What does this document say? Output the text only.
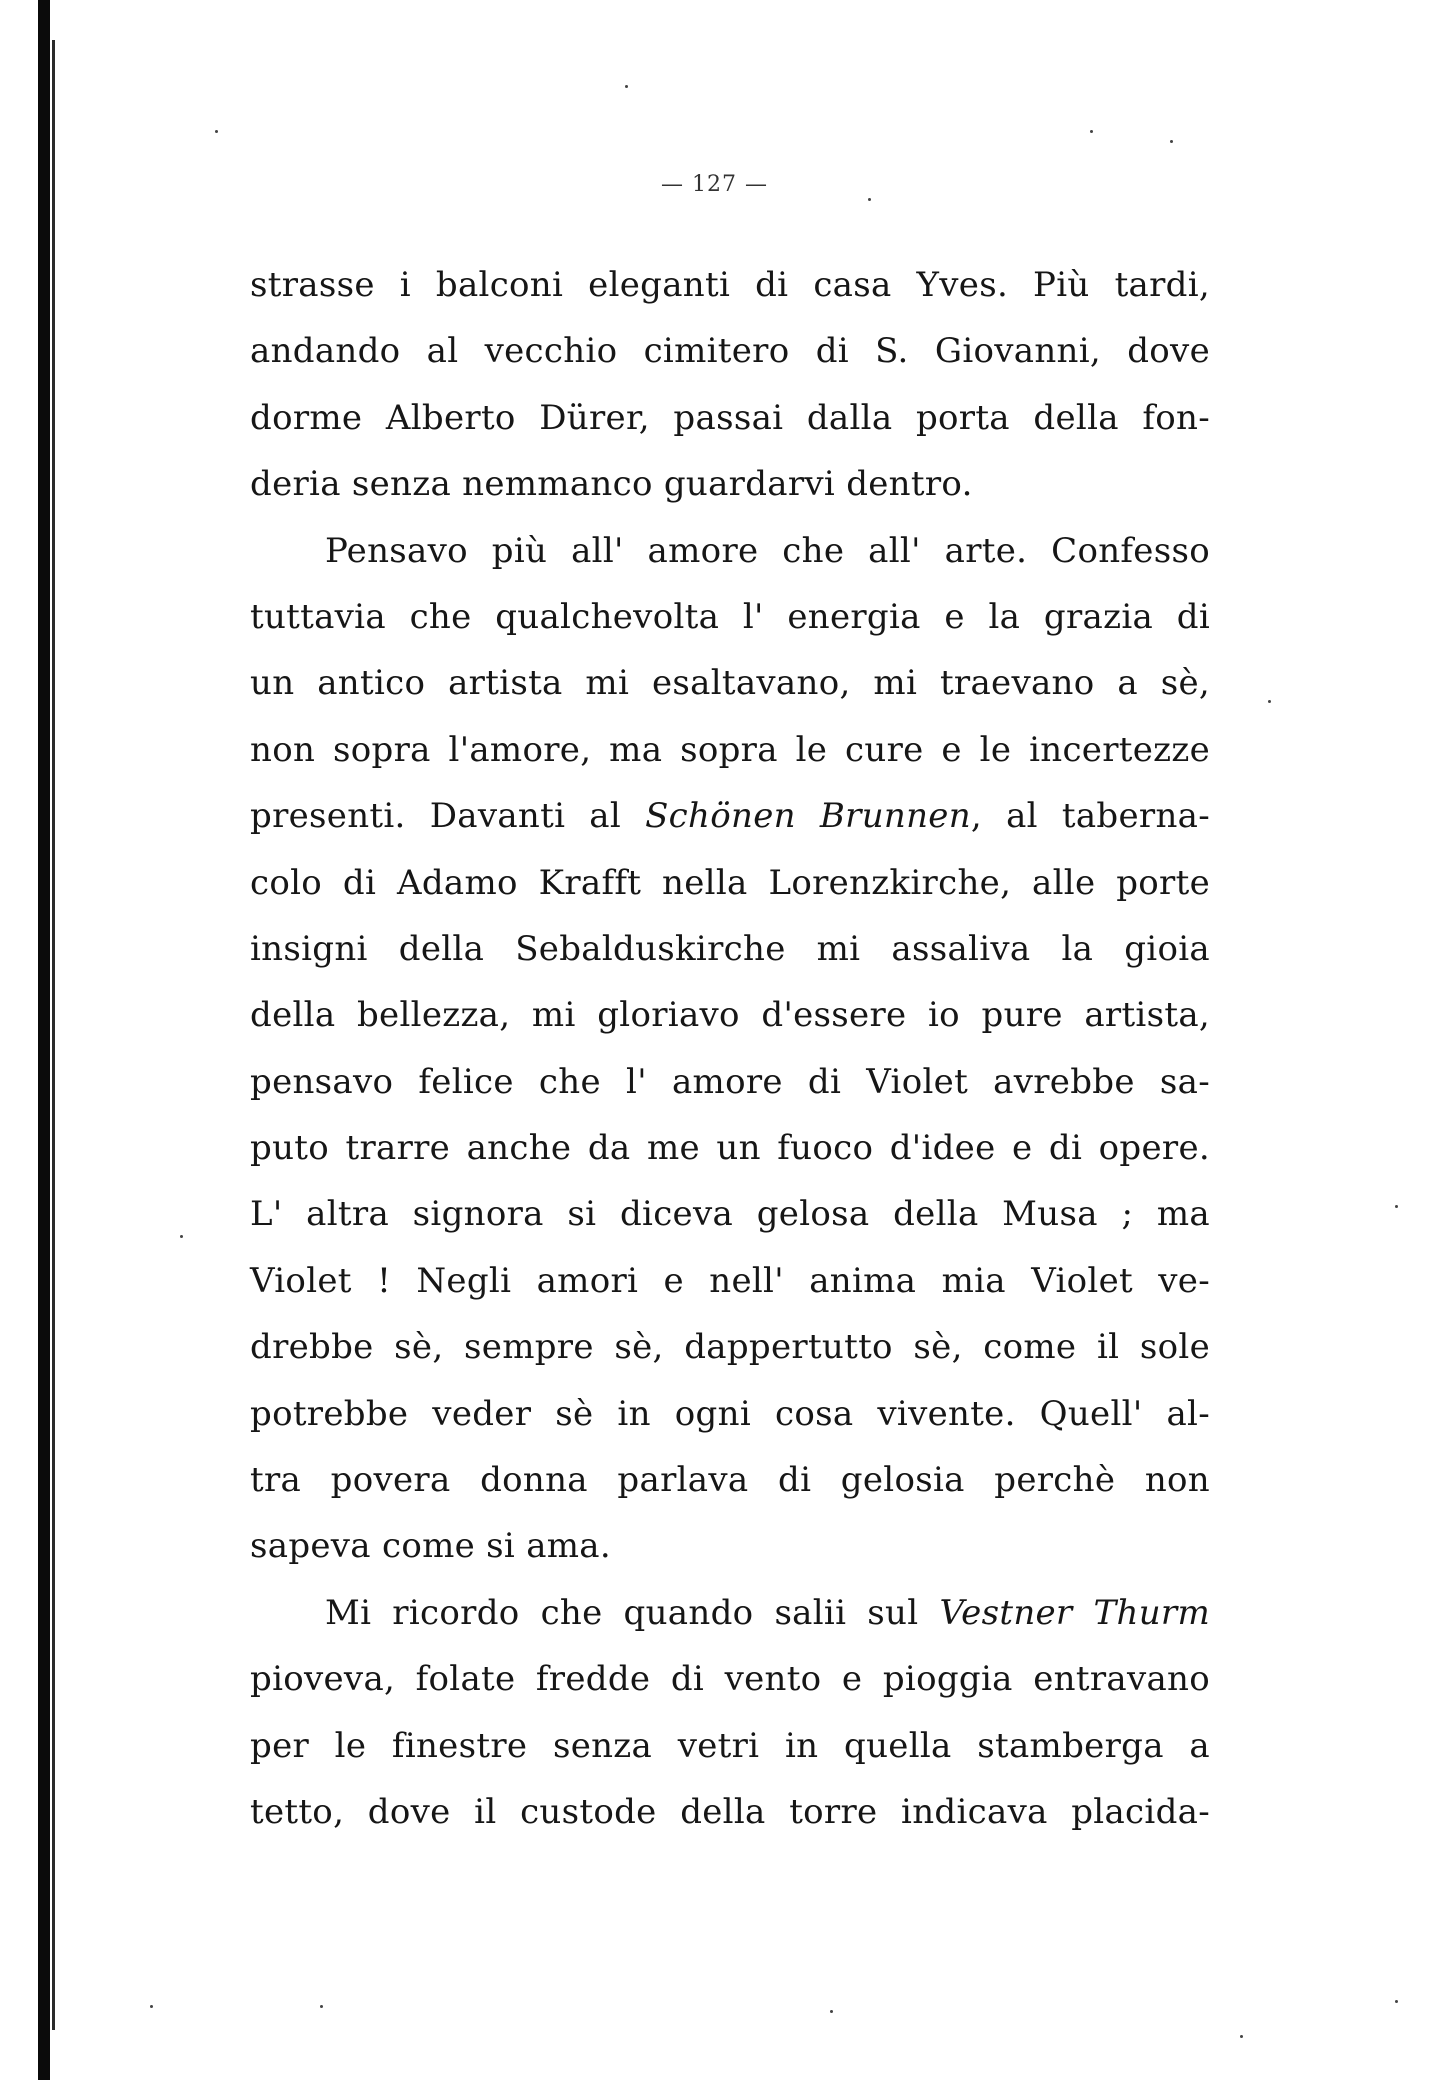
— 127 —
strasse i balconi eleganti di casa Yves. Più tardi,
andando al vecchio cimitero di S. Giovanni, dove
dorme Alberto Dürer, passai dalla porta della fon-
deria senza nemmanco guardarvi dentro.
Pensavo più all' amore che all' arte. Confesso
tuttavia che qualchevolta l' energia e la grazia di
un antico artista mi esaltavano, mi traevano a sè,
non sopra l'amore, ma sopra le cure e le incertezze
presenti. Davanti al Schönen Brunnen, al taberna-
colo di Adamo Krafft nella Lorenzkirche, alle porte
insigni della Sebalduskirche mi assaliva la gioia
della bellezza, mi gloriavo d'essere io pure artista,
pensavo felice che l' amore di Violet avrebbe sa-
puto trarre anche da me un fuoco d'idee e di opere.
L' altra signora si diceva gelosa della Musa ; ma
Violet ! Negli amori e nell' anima mia Violet ve-
drebbe sè, sempre sè, dappertutto sè, come il sole
potrebbe veder sè in ogni cosa vivente. Quell' al-
tra povera donna parlava di gelosia perchè non
sapeva come si ama.
Mi ricordo che quando salii sul Vestner Thurm
pioveva, folate fredde di vento e pioggia entravano
per le finestre senza vetri in quella stamberga a
tetto, dove il custode della torre indicava placida-
